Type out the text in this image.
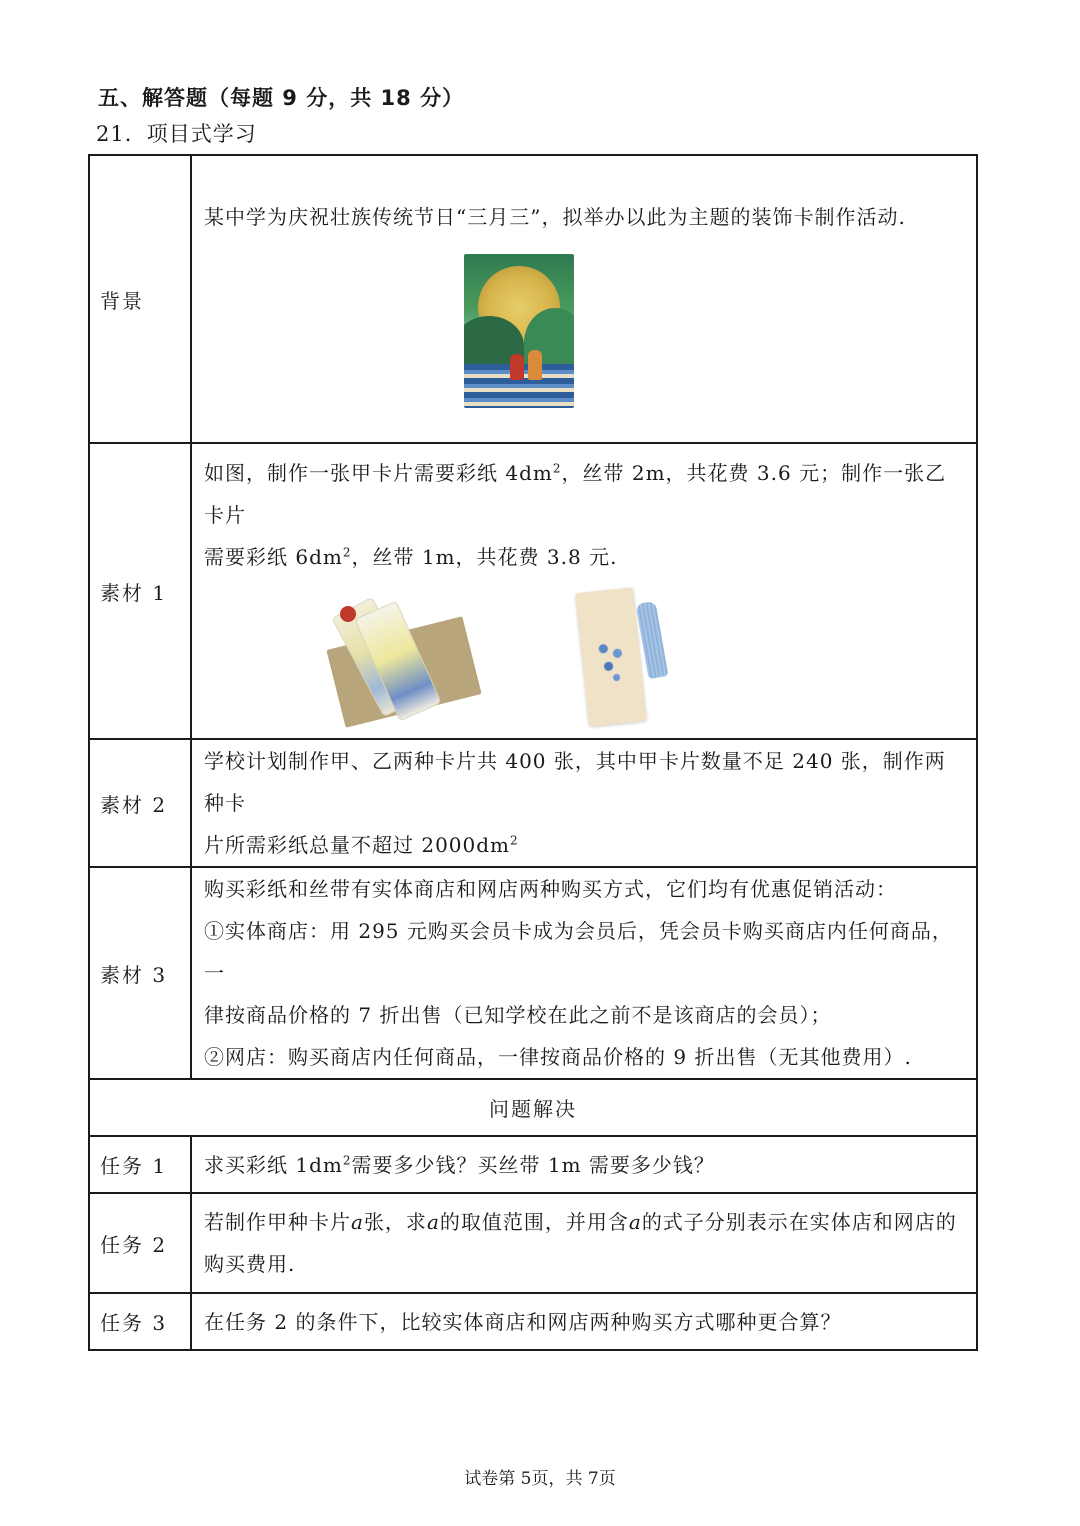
五、解答题（每题 9 分，共 18 分）
21．项目式学习
背景	某中学为庆祝壮族传统节日“三月三”，拟举办以此为主题的装饰卡制作活动.

素材 1	如图，制作一张甲卡片需要彩纸 $4dm^2$，丝带 2m，共花费 3.6 元；制作一张乙卡片
需要彩纸 $6dm^2$，丝带 1m，共花费 3.8 元.

素材 2	学校计划制作甲、乙两种卡片共 400 张，其中甲卡片数量不足 240 张，制作两种卡
片所需彩纸总量不超过 $2000dm^2$

素材 3	购买彩纸和丝带有实体商店和网店两种购买方式，它们均有优惠促销活动：
①实体商店：用 295 元购买会员卡成为会员后，凭会员卡购买商店内任何商品，一
律按商品价格的 7 折出售（已知学校在此之前不是该商店的会员）；
②网店：购买商店内任何商品，一律按商品价格的 9 折出售（无其他费用）.

问题解决	
任务 1	求买彩纸 $1dm^2$需要多少钱？买丝带 1m 需要多少钱？
任务 2	若制作甲种卡片a张，求a的取值范围，并用含a的式子分别表示在实体店和网店的
购买费用.

任务 3	在任务 2 的条件下，比较实体商店和网店两种购买方式哪种更合算？
试卷第 5页，共 7页
